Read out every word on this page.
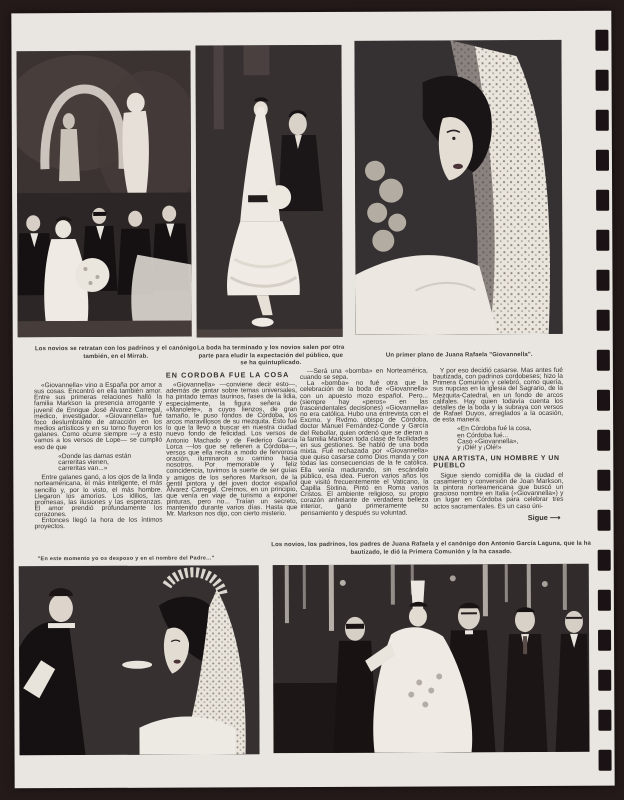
Los novios se retratan con los padrinos y el canónigo también, en el Mirrab.
La boda ha terminado y los novios salen por otra parte para eludir la expectación del público, que se ha quintuplicado.
Un primer plano de Juana Rafaela "Giovannella".

«Giovannella» vino a España por amor a sus cosas. Encontró en ella también amor. Entre sus primeras relaciones halló la familia Markson la presencia arrogante y juvenil de Enrique José Alvarez Carregal, médico, investigador. «Giovannella» fué foco deslumbrante de atracción en los medios artísticos y en su torno fluyeron los galanes. Como ocurre siempre —y a esto vamos a los versos de Lope— se cumplió eso de que

«Donde las damas están
carreritas vienen,
carreritas van...»

Entre galanes ganó, a los ojos de la linda norteamericana, el más inteligente, el más sencillo y, por lo visto, el más hombre. Llegaron los amoríos. Los idilios, las promesas, las ilusiones y las esperanzas. El amor prendió profundamente los corazones.

Entonces llegó la hora de los íntimos proyectos.

EN CORDOBA FUE LA COSA

«Giovannella» —conviene decir esto—, además de pintar sobre temas universales, ha pintado temas taurinos, fases de la lidia, especialmente, la figura señera de «Manolete», a cuyos lienzos, de gran tamaño, le puso fondos de Córdoba, los arcos maravillosos de su mezquita. Esto fué lo que la llevó a buscar en nuestra ciudad nuevo fondo de felicidad. Los versos de Antonio Machado y de Federico García Lorca —los que se refieren a Córdoba—, versos que ella recita a modo de fervorosa oración, iluminaron su camino hacia nosotros. Por memorable y feliz coincidencia, tuvimos la suerte de ser guías y amigos de los señores Markson, de la gentil pintora y del joven doctor español Alvarez Carregal. Creímos, en un principio, que venía en viaje de turismo a exponer pinturas, pero no... Traían un secreto, mantenido durante varios días. Hasta que Mr. Markson nos dijo, con cierto misterio.

—Será una «bomba» en Norteamérica, cuando se sepa.

La «bomba» no fué otra que la celebración de la boda de «Giovannella» con un apuesto mozo español. Pero... (siempre hay «peros» en las trascendentales decisiones) «Giovannella» no era católica. Hubo una entrevista con el Excmo. y Rvdmo. obispo de Córdoba, doctor Manuel Fernández-Conde y García del Rebollar, quien ordenó que se dieran a la familia Markson toda clase de facilidades en sus gestiones. Se habló de una boda mixta. Fué rechazada por «Giovannella» que quiso casarse como Dios manda y con todas las consecuencias de la fe católica. Ella venía madurando, sin escándalo público, esa idea. Fueron varios años los que visitó frecuentemente el Vaticano, la Capilla Sixtina. Pintó en Roma varios Cristos. El ambiente religioso, su propio corazón anhelante de verdadera belleza interior, ganó primeramente su pensamiento y después su voluntad.

Y por eso decidió casarse. Mas antes fué bautizada, con padrinos cordobeses; hizo la Primera Comunión y celebró, como quería, sus nupcias en la iglesia del Sagrario, de la Mezquita-Catedral, en un fondo de arcos califales. Hay quien todavía cuenta los detalles de la boda y la subraya con versos de Rafael Duyos, arreglados a la ocasión, de esta manera:

«En Córdoba fué la cosa,
en Córdoba fué...
Casó «Giovannella»,
y ¡Olé! y ¡Olé!»

UNA ARTISTA, UN HOMBRE Y UN PUEBLO

Sigue siendo comidilla de la ciudad el casamiento y conversión de Joan Markson, la pintora norteamericana que buscó un gracioso nombre en Italia («Giovannella») y un lugar en Córdoba para celebrar tres actos sacramentales. Es un caso úni-

Sigue ⟶

"En este momento yo os desposo y en el nombre del Padre..."
Los novios, los padrinos, los padres de Juana Rafaela y el canónigo don Antonio García Laguna, que la ha bautizado, le dió la Primera Comunión y la ha casado.
